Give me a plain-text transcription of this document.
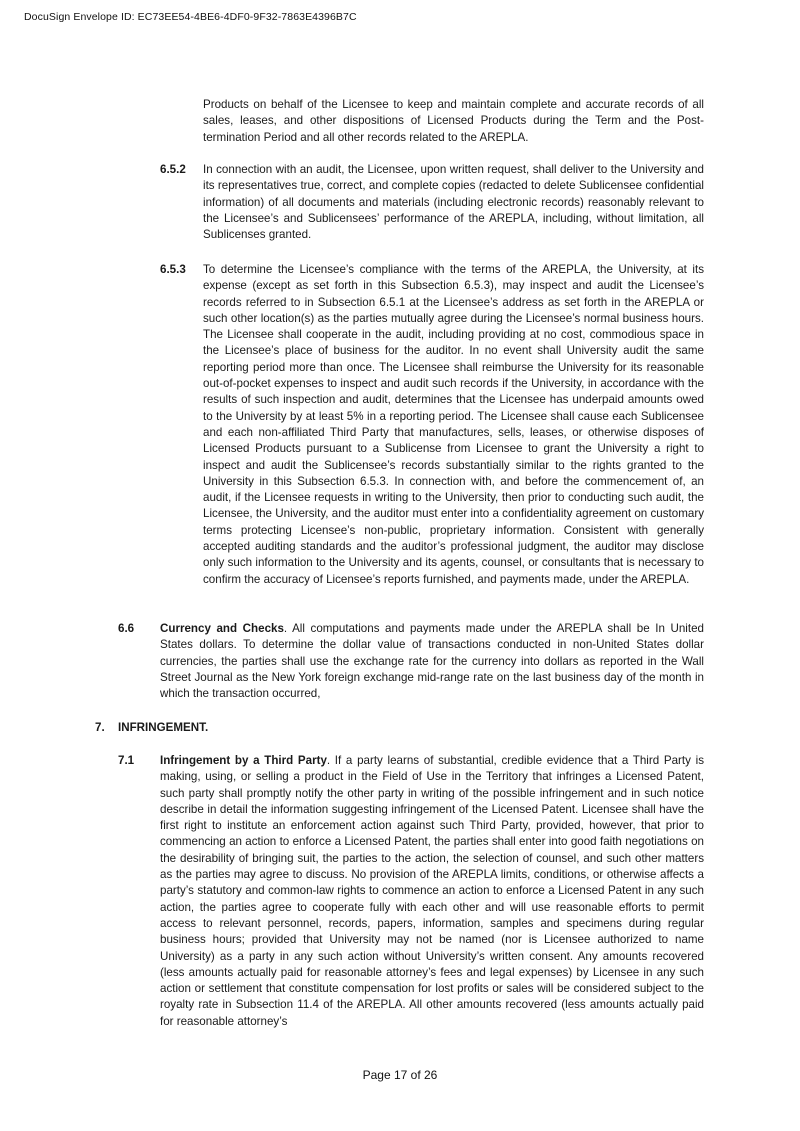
DocuSign Envelope ID: EC73EE54-4BE6-4DF0-9F32-7863E4396B7C

Products on behalf of the Licensee to keep and maintain complete and accurate records of all sales, leases, and other dispositions of Licensed Products during the Term and the Post-termination Period and all other records related to the AREPLA.

6.5.2 In connection with an audit, the Licensee, upon written request, shall deliver to the University and its representatives true, correct, and complete copies (redacted to delete Sublicensee confidential information) of all documents and materials (including electronic records) reasonably relevant to the Licensee’s and Sublicensees’ performance of the AREPLA, including, without limitation, all Sublicenses granted.

6.5.3 To determine the Licensee’s compliance with the terms of the AREPLA, the University, at its expense (except as set forth in this Subsection 6.5.3), may inspect and audit the Licensee’s records referred to in Subsection 6.5.1 at the Licensee’s address as set forth in the AREPLA or such other location(s) as the parties mutually agree during the Licensee’s normal business hours. The Licensee shall cooperate in the audit, including providing at no cost, commodious space in the Licensee’s place of business for the auditor. In no event shall University audit the same reporting period more than once. The Licensee shall reimburse the University for its reasonable out-of-pocket expenses to inspect and audit such records if the University, in accordance with the results of such inspection and audit, determines that the Licensee has underpaid amounts owed to the University by at least 5% in a reporting period. The Licensee shall cause each Sublicensee and each non-affiliated Third Party that manufactures, sells, leases, or otherwise disposes of Licensed Products pursuant to a Sublicense from Licensee to grant the University a right to inspect and audit the Sublicensee’s records substantially similar to the rights granted to the University in this Subsection 6.5.3. In connection with, and before the commencement of, an audit, if the Licensee requests in writing to the University, then prior to conducting such audit, the Licensee, the University, and the auditor must enter into a confidentiality agreement on customary terms protecting Licensee’s non-public, proprietary information. Consistent with generally accepted auditing standards and the auditor’s professional judgment, the auditor may disclose only such information to the University and its agents, counsel, or consultants that is necessary to confirm the accuracy of Licensee’s reports furnished, and payments made, under the AREPLA.

6.6 Currency and Checks. All computations and payments made under the AREPLA shall be In United States dollars. To determine the dollar value of transactions conducted in non-United States dollar currencies, the parties shall use the exchange rate for the currency into dollars as reported in the Wall Street Journal as the New York foreign exchange mid-range rate on the last business day of the month in which the transaction occurred,

7. INFRINGEMENT.
7.1 Infringement by a Third Party. If a party learns of substantial, credible evidence that a Third Party is making, using, or selling a product in the Field of Use in the Territory that infringes a Licensed Patent, such party shall promptly notify the other party in writing of the possible infringement and in such notice describe in detail the information suggesting infringement of the Licensed Patent. Licensee shall have the first right to institute an enforcement action against such Third Party, provided, however, that prior to commencing an action to enforce a Licensed Patent, the parties shall enter into good faith negotiations on the desirability of bringing suit, the parties to the action, the selection of counsel, and such other matters as the parties may agree to discuss. No provision of the AREPLA limits, conditions, or otherwise affects a party’s statutory and common-law rights to commence an action to enforce a Licensed Patent in any such action, the parties agree to cooperate fully with each other and will use reasonable efforts to permit access to relevant personnel, records, papers, information, samples and specimens during regular business hours; provided that University may not be named (nor is Licensee authorized to name University) as a party in any such action without University’s written consent. Any amounts recovered (less amounts actually paid for reasonable attorney’s fees and legal expenses) by Licensee in any such action or settlement that constitute compensation for lost profits or sales will be considered subject to the royalty rate in Subsection 11.4 of the AREPLA. All other amounts recovered (less amounts actually paid for reasonable attorney’s

Page 17 of 26
